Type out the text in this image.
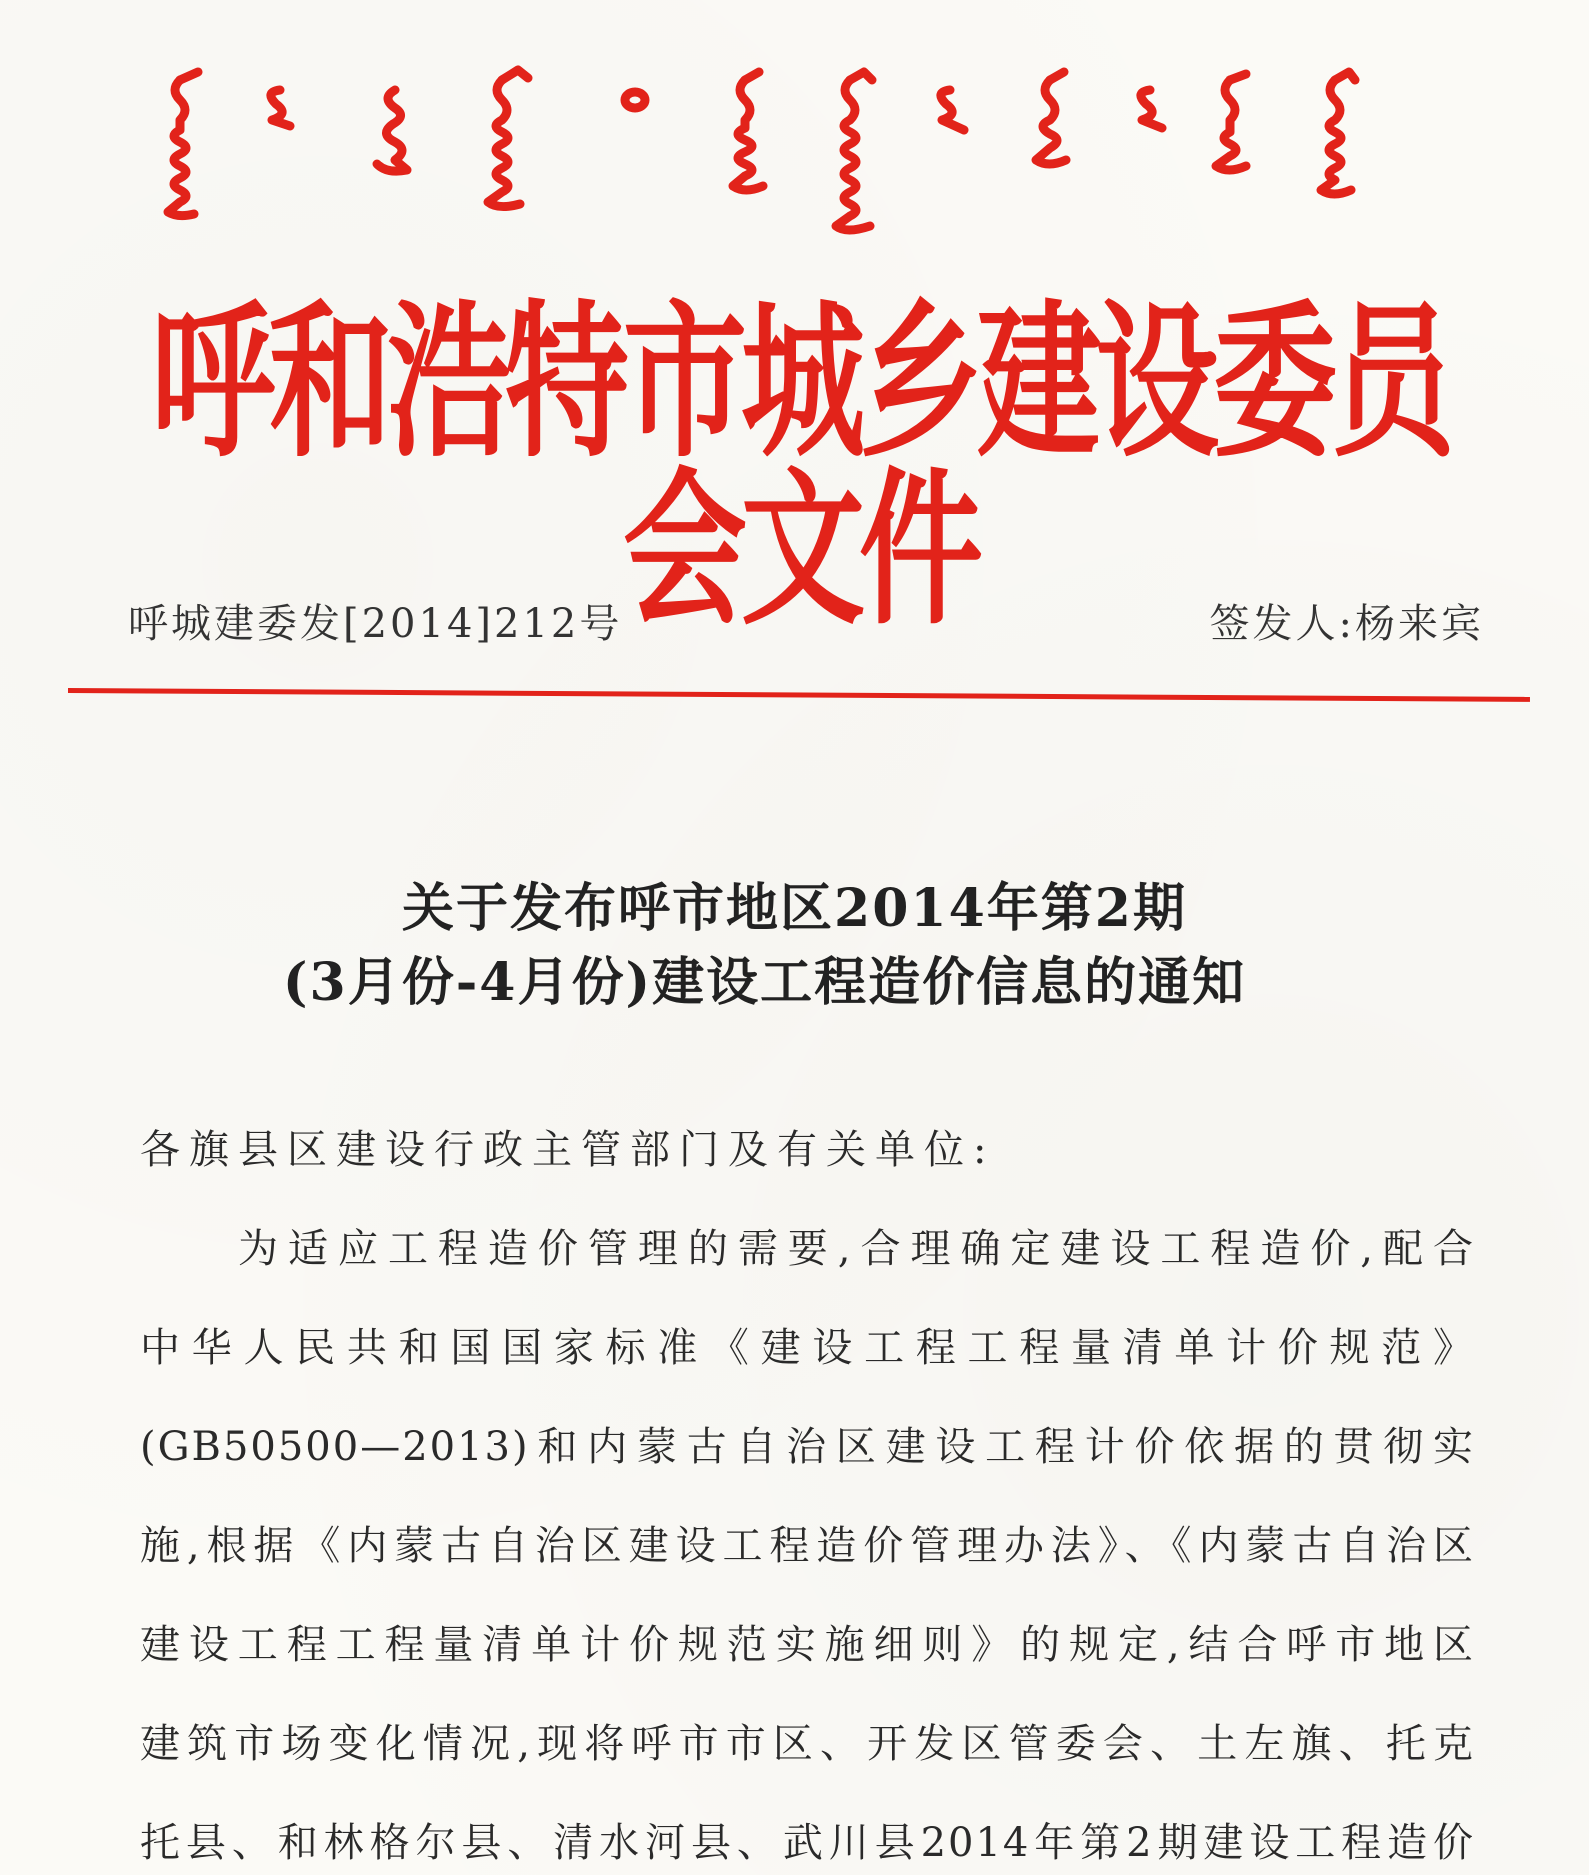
呼和浩特市城乡建设委员会文件
呼城建委发[2014]212号	签发人:杨来宾
关于发布呼市地区2014年第2期
(3月份-4月份)建设工程造价信息的通知
各旗县区建设行政主管部门及有关单位:
为适应工程造价管理的需要,合理确定建设工程造价,配合
中华人民共和国国家标准《建设工程工程量清单计价规范》
(GB50500—2013)和内蒙古自治区建设工程计价依据的贯彻实
施,根据《内蒙古自治区建设工程造价管理办法》、《内蒙古自治区
建设工程工程量清单计价规范实施细则》的规定,结合呼市地区
建筑市场变化情况,现将呼市市区、开发区管委会、土左旗、托克
托县、和林格尔县、清水河县、武川县2014年第2期建设工程造价
